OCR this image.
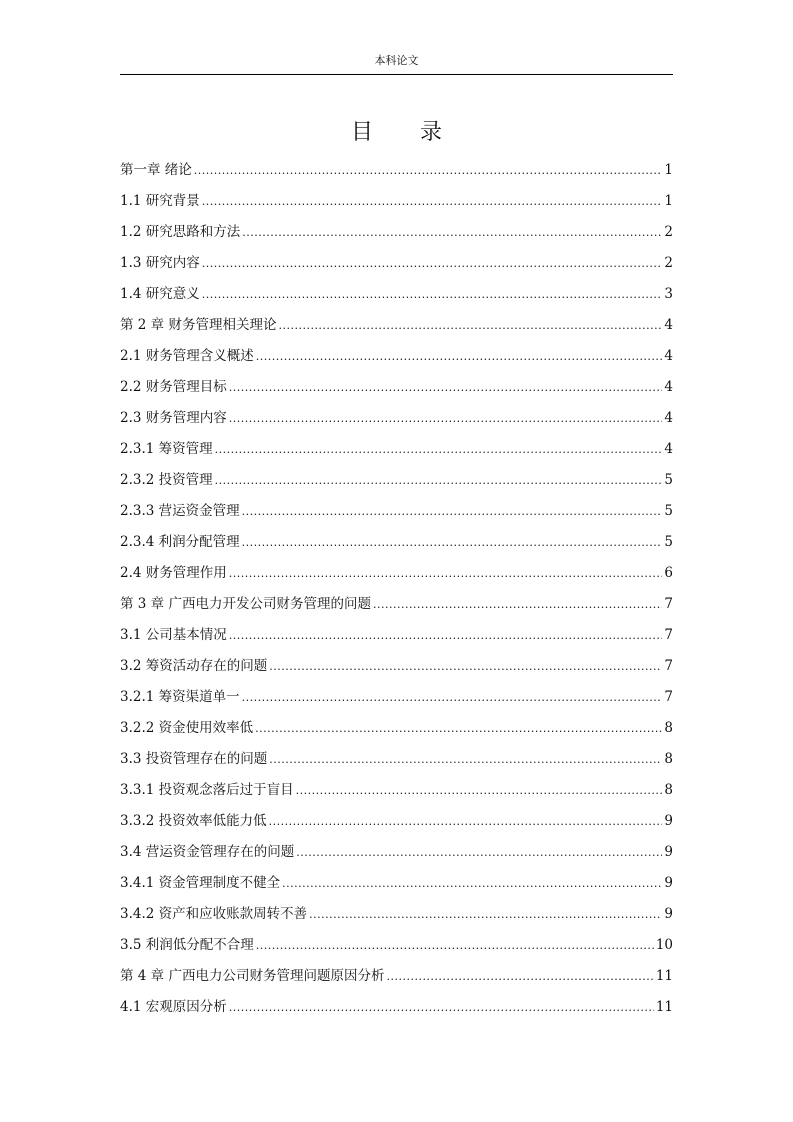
本科论文
目 录
第一章 绪论 .....	1
1.1 研究背景 .....	1
1.2 研究思路和方法 .....	2
1.3 研究内容 .....	2
1.4 研究意义 .....	3
第 2 章 财务管理相关理论 .....	4
2.1 财务管理含义概述 .....	4
2.2 财务管理目标 .....	4
2.3 财务管理内容 .....	4
2.3.1 筹资管理 .....	4
2.3.2 投资管理 .....	5
2.3.3 营运资金管理 .....	5
2.3.4 利润分配管理 .....	5
2.4 财务管理作用 .....	6
第 3 章 广西电力开发公司财务管理的问题 .....	7
3.1 公司基本情况 .....	7
3.2 筹资活动存在的问题 .....	7
3.2.1 筹资渠道单一 .....	7
3.2.2 资金使用效率低 .....	8
3.3 投资管理存在的问题 .....	8
3.3.1 投资观念落后过于盲目 .....	8
3.3.2 投资效率低能力低 .....	9
3.4 营运资金管理存在的问题 .....	9
3.4.1 资金管理制度不健全 .....	9
3.4.2 资产和应收账款周转不善 .....	9
3.5 利润低分配不合理 .....	10
第 4 章 广西电力公司财务管理问题原因分析 .....	11
4.1 宏观原因分析 .....	11
